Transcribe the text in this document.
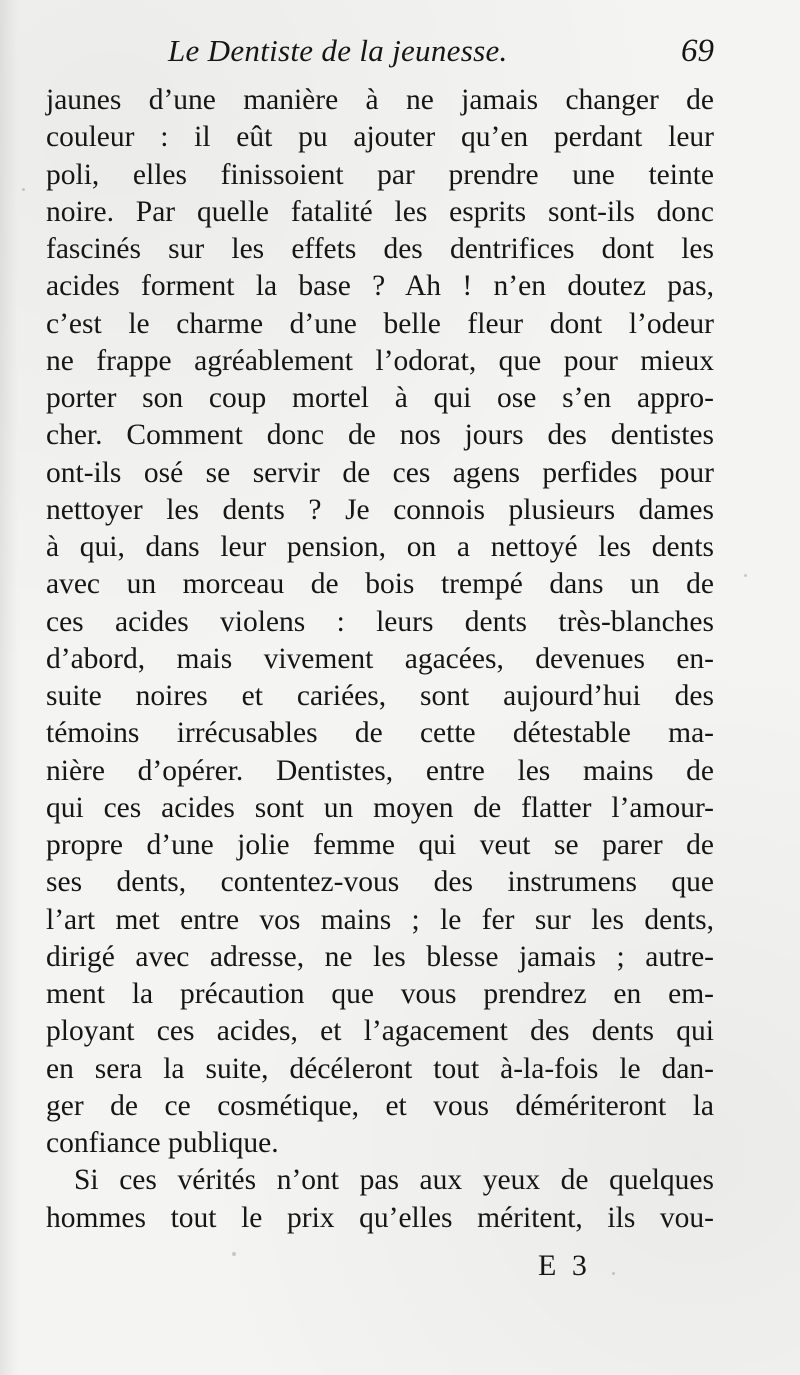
Le Dentiste de la jeunesse.	69
jaunes d’une manière à ne jamais changer de
couleur : il eût pu ajouter qu’en perdant leur
poli, elles finissoient par prendre une teinte
noire. Par quelle fatalité les esprits sont-ils donc
fascinés sur les effets des dentrifices dont les
acides forment la base ? Ah ! n’en doutez pas,
c’est le charme d’une belle fleur dont l’odeur
ne frappe agréablement l’odorat, que pour mieux
porter son coup mortel à qui ose s’en appro-
cher. Comment donc de nos jours des dentistes
ont-ils osé se servir de ces agens perfides pour
nettoyer les dents ? Je connois plusieurs dames
à qui, dans leur pension, on a nettoyé les dents
avec un morceau de bois trempé dans un de
ces acides violens : leurs dents très-blanches
d’abord, mais vivement agacées, devenues en-
suite noires et cariées, sont aujourd’hui des
témoins irrécusables de cette détestable ma-
nière d’opérer. Dentistes, entre les mains de
qui ces acides sont un moyen de flatter l’amour-
propre d’une jolie femme qui veut se parer de
ses dents, contentez-vous des instrumens que
l’art met entre vos mains ; le fer sur les dents,
dirigé avec adresse, ne les blesse jamais ; autre-
ment la précaution que vous prendrez en em-
ployant ces acides, et l’agacement des dents qui
en sera la suite, décéleront tout à-la-fois le dan-
ger de ce cosmétique, et vous démériteront la
confiance publique.
Si ces vérités n’ont pas aux yeux de quelques
hommes tout le prix qu’elles méritent, ils vou-
E 3
